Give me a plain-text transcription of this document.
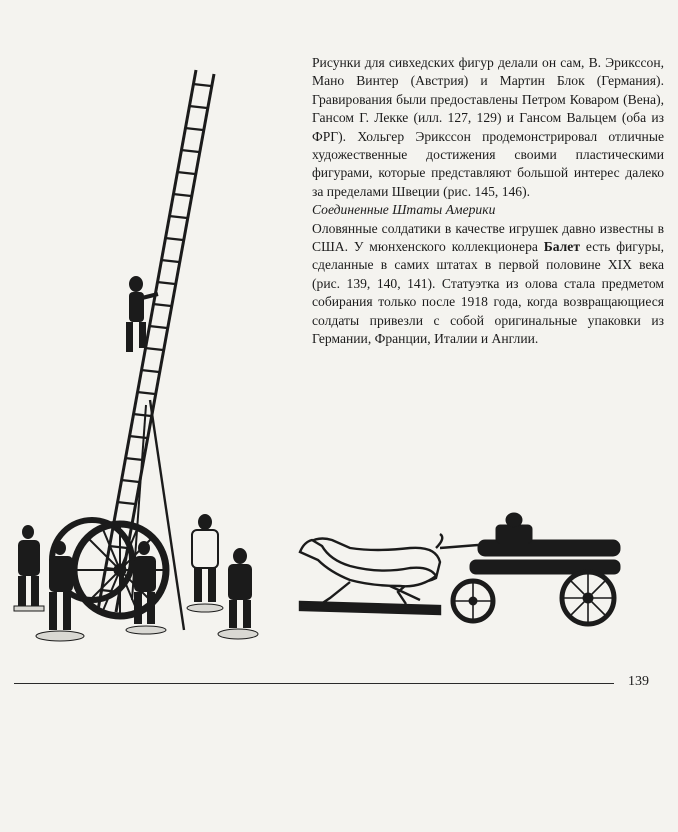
Рисунки для сивхедских фигур делали он сам, В. Эрикссон, Мано Винтер (Австрия) и Мартин Блок (Германия). Гравирования были предоставлены Петром Коваром (Вена), Гансом Г. Лекке (илл. 127, 129) и Гансом Вальцем (оба из ФРГ). Хольгер Эрикссон продемонстрировал отличные художественные достижения своими пластическими фигурами, которые представляют большой интерес далеко за пределами Швеции (рис. 145, 146).

Соединенные Штаты Америки

Оловянные солдатики в качестве игрушек давно известны в США. У мюнхенского коллекционера Балет есть фигуры, сделанные в самих штатах в первой половине XIX века (рис. 139, 140, 141). Статуэтка из олова стала предметом собирания только после 1918 года, когда возвращающиеся солдаты привезли с собой оригинальные упаковки из Германии, Франции, Италии и Англии.

139
